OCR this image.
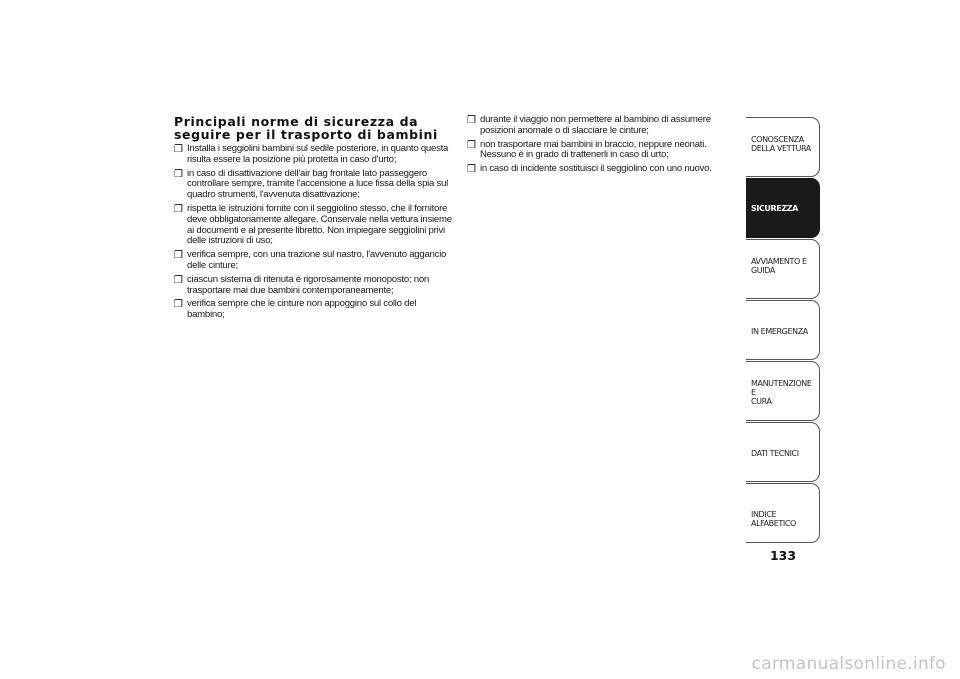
Principali norme di sicurezza da
seguire per il trasporto di bambini
❒ Installa i seggiolini bambini sul sedile posteriore, in quanto questa risulta essere la posizione più protetta in caso d'urto;
❒ in caso di disattivazione dell'air bag frontale lato passeggero controllare sempre, tramite l'accensione a luce fissa della spia sul quadro strumenti, l'avvenuta disattivazione;
❒ rispetta le istruzioni fornite con il seggiolino stesso, che il fornitore deve obbligatoriamente allegare. Conservale nella vettura insieme ai documenti e al presente libretto. Non impiegare seggiolini privi delle istruzioni di uso;
❒ verifica sempre, con una trazione sul nastro, l'avvenuto aggancio delle cinture;
❒ ciascun sistema di ritenuta è rigorosamente monoposto; non trasportare mai due bambini contemporaneamente;
❒ verifica sempre che le cinture non appoggino sul collo del bambino;
❒ durante il viaggio non permettere al bambino di assumere posizioni anomale o di slacciare le cinture;
❒ non trasportare mai bambini in braccio, neppure neonati. Nessuno è in grado di trattenerli in caso di urto;
❒ in caso di incidente sostituisci il seggiolino con uno nuovo.
CONOSCENZA
DELLA VETTURA
SICUREZZA
AVVIAMENTO E
GUIDA
IN EMERGENZA
MANUTENZIONE E
CURA
DATI TECNICI
INDICE ALFABETICO
133
carmanualsonline.info
